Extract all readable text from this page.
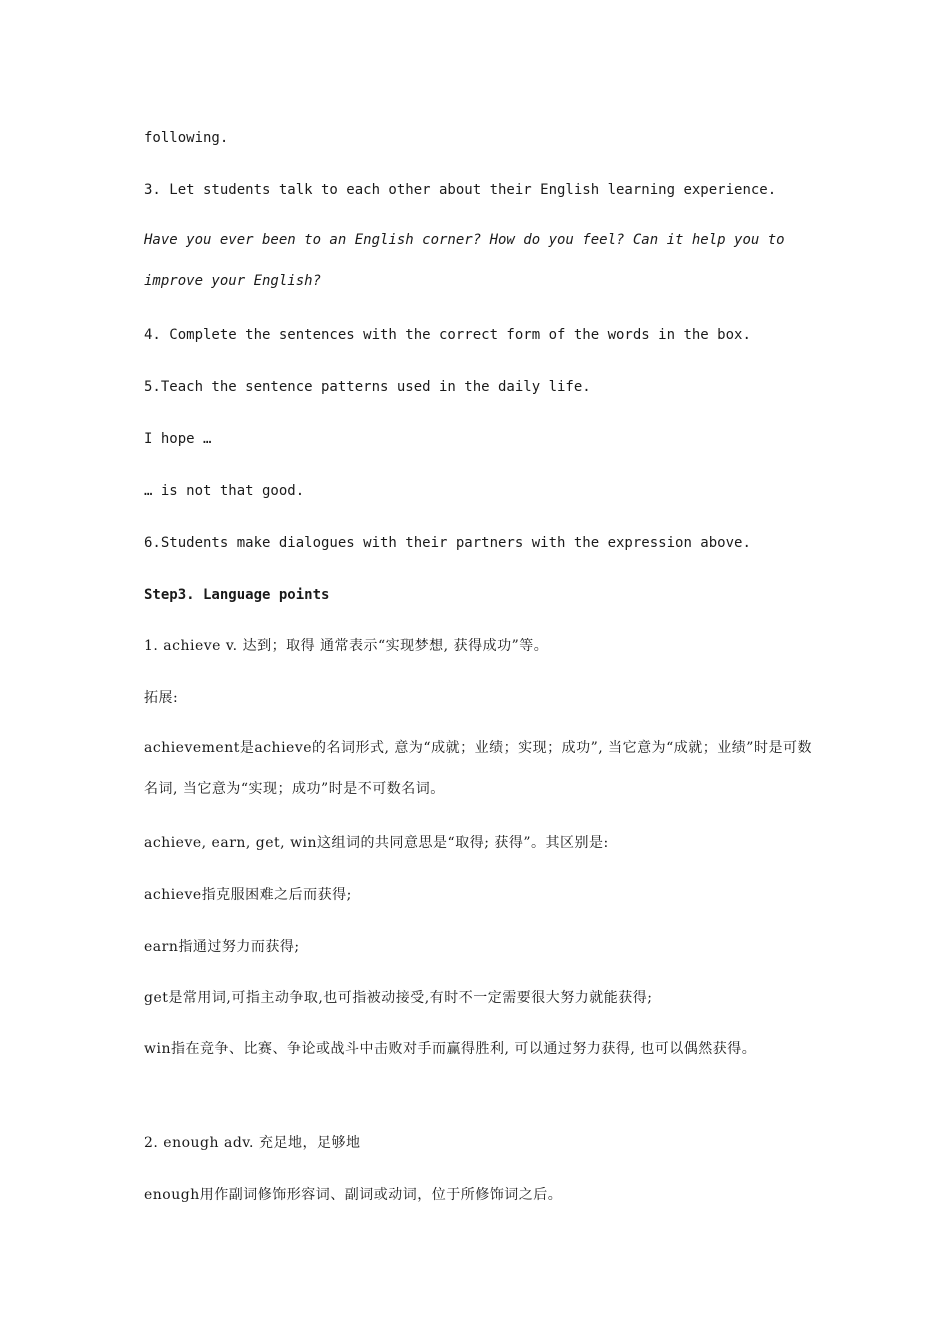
following.
3. Let students talk to each other about their English learning experience.
Have you ever been to an English corner? How do you feel? Can it help you to improve your English?
4. Complete the sentences with the correct form of the words in the box.
5.Teach the sentence patterns used in the daily life.
I hope …
… is not that good.
6.Students make dialogues with their partners with the expression above.
Step3. Language points
1. achieve v. 达到；取得 通常表示“实现梦想, 获得成功”等。
拓展:
achievement是achieve的名词形式, 意为“成就；业绩；实现；成功”, 当它意为“成就；业绩”时是可数名词, 当它意为“实现；成功”时是不可数名词。
achieve, earn, get, win这组词的共同意思是“取得; 获得”。其区别是:
achieve指克服困难之后而获得;
earn指通过努力而获得;
get是常用词,可指主动争取,也可指被动接受,有时不一定需要很大努力就能获得;
win指在竞争、比赛、争论或战斗中击败对手而赢得胜利, 可以通过努力获得, 也可以偶然获得。
2. enough adv. 充足地，足够地
enough用作副词修饰形容词、副词或动词，位于所修饰词之后。
